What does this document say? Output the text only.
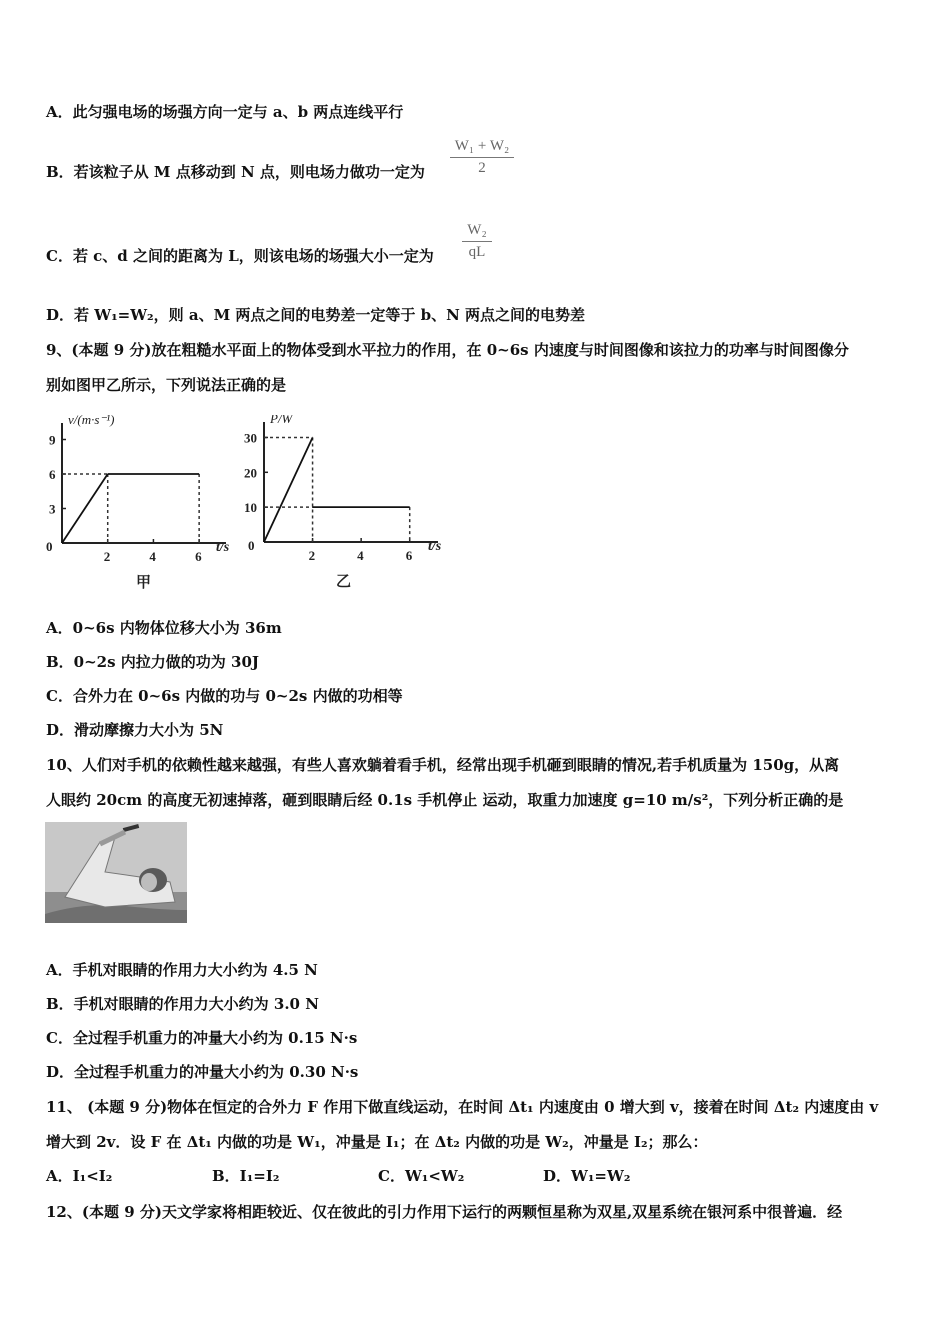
A．此匀强电场的场强方向一定与 a、b 两点连线平行
B．若该粒子从 M 点移动到 N 点，则电场力做功一定为
W₁ + W₂
2
C．若 c、d 之间的距离为 L，则该电场的场强大小一定为
W₂
qL
D．若 W₁=W₂，则 a、M 两点之间的电势差一定等于 b、N 两点之间的电势差
9、(本题 9 分)放在粗糙水平面上的物体受到水平拉力的作用，在 0~6s 内速度与时间图像和该拉力的功率与时间图像分
别如图甲乙所示，下列说法正确的是
v/(m·s⁻¹)
t/s
0
2	4	6
3
6
9
甲
P/W
t/s
0
2	4	6
10
20
30
乙
A．0~6s 内物体位移大小为 36m
B．0~2s 内拉力做的功为 30J
C．合外力在 0~6s 内做的功与 0~2s 内做的功相等
D．滑动摩擦力大小为 5N
10、人们对手机的依赖性越来越强，有些人喜欢躺着看手机，经常出现手机砸到眼睛的情况,若手机质量为 150g，从离
人眼约 20cm 的高度无初速掉落，砸到眼睛后经 0.1s 手机停止 运动，取重力加速度 g=10 m/s²，下列分析正确的是
A．手机对眼睛的作用力大小约为 4.5 N
B．手机对眼睛的作用力大小约为 3.0 N
C．全过程手机重力的冲量大小约为 0.15 N·s
D．全过程手机重力的冲量大小约为 0.30 N·s
11、 (本题 9 分)物体在恒定的合外力 F 作用下做直线运动，在时间 Δt₁ 内速度由 0 增大到 v，接着在时间 Δt₂ 内速度由 v
增大到 2v．设 F 在 Δt₁ 内做的功是 W₁，冲量是 I₁；在 Δt₂ 内做的功是 W₂，冲量是 I₂；那么：
A．I₁<I₂	B．I₁=I₂	C．W₁<W₂	D．W₁=W₂
12、(本题 9 分)天文学家将相距较近、仅在彼此的引力作用下运行的两颗恒星称为双星,双星系统在银河系中很普遍．经
